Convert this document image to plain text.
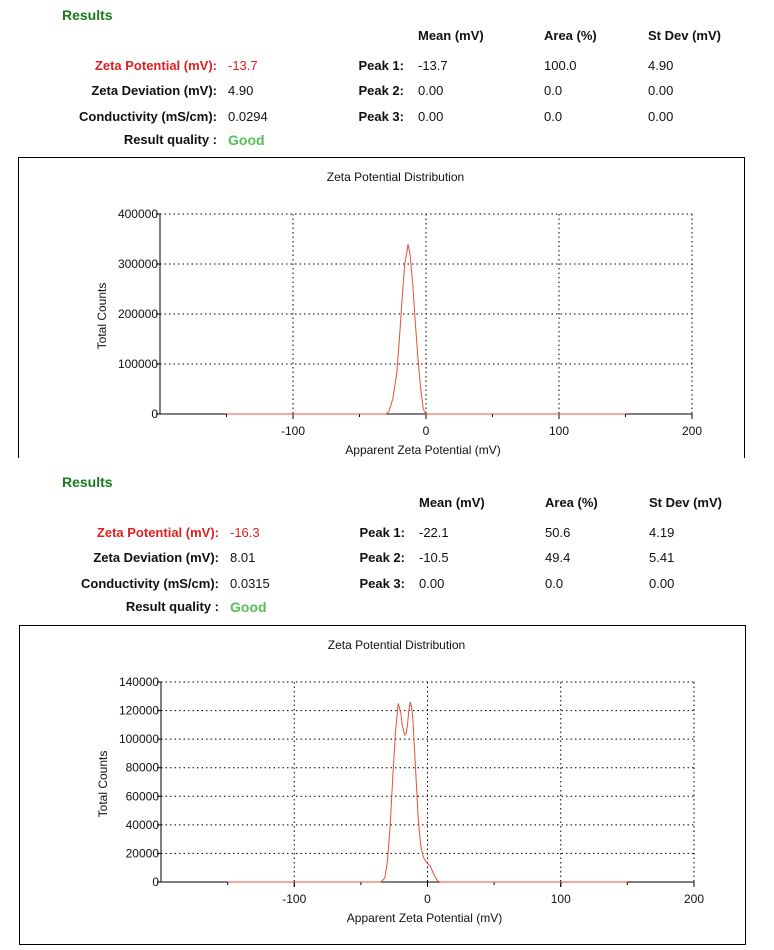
Results
Mean (mV)	Area (%)	St Dev (mV)
Zeta Potential (mV): -13.7
Zeta Deviation (mV): 4.90
Conductivity (mS/cm): 0.0294
Result quality : Good
Peak 1: -13.7	100.0	4.90
Peak 2: 0.00	0.0	0.00
Peak 3: 0.00	0.0	0.00
Zeta Potential Distribution
0
100000
200000
300000
400000
-100	0	100	200
Apparent Zeta Potential (mV)
Total Counts
Results
Mean (mV)	Area (%)	St Dev (mV)
Zeta Potential (mV): -16.3
Zeta Deviation (mV): 8.01
Conductivity (mS/cm): 0.0315
Result quality : Good
Peak 1: -22.1	50.6	4.19
Peak 2: -10.5	49.4	5.41
Peak 3: 0.00	0.0	0.00
Zeta Potential Distribution
0
20000
40000
60000
80000
100000
120000
140000
-100	0	100	200
Apparent Zeta Potential (mV)
Total Counts
